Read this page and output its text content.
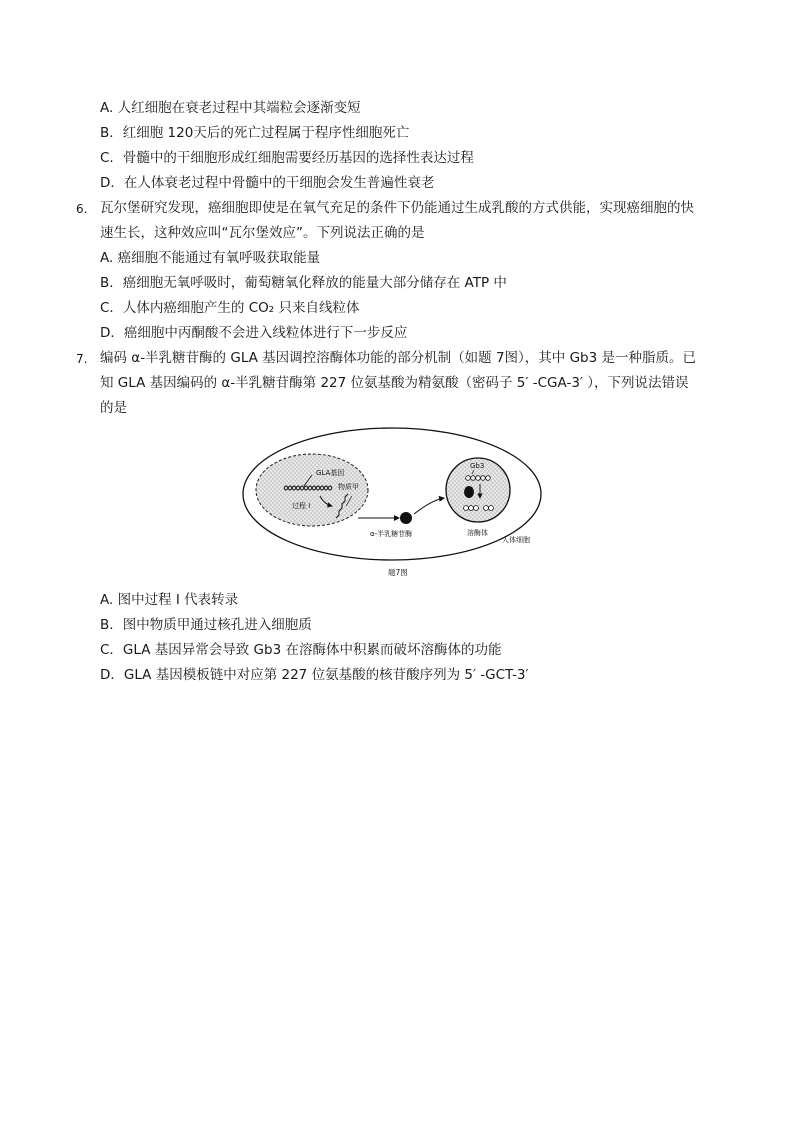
A. 人红细胞在衰老过程中其端粒会逐渐变短
B．红细胞 120天后的死亡过程属于程序性细胞死亡
C．骨髓中的干细胞形成红细胞需要经历基因的选择性表达过程
D．在人体衰老过程中骨髓中的干细胞会发生普遍性衰老
6. 瓦尔堡研究发现，癌细胞即使是在氧气充足的条件下仍能通过生成乳酸的方式供能，实现癌细胞的快
速生长，这种效应叫“瓦尔堡效应”。下列说法正确的是
A. 癌细胞不能通过有氧呼吸获取能量
B．癌细胞无氧呼吸时，葡萄糖氧化释放的能量大部分储存在 ATP 中
C．人体内癌细胞产生的 CO₂ 只来自线粒体
D．癌细胞中丙酮酸不会进入线粒体进行下一步反应
7. 编码 α-半乳糖苷酶的 GLA 基因调控溶酶体功能的部分机制（如题 7图），其中 Gb3 是一种脂质。已
知 GLA 基因编码的 α-半乳糖苷酶第 227 位氨基酸为精氨酸（密码子 5′ -CGA-3′ ），下列说法错误
的是
GLA基因
过程 I
物质甲
α-半乳糖苷酶
Gb3
溶酶体
人体细胞
题7图
A. 图中过程 I 代表转录
B．图中物质甲通过核孔进入细胞质
C．GLA 基因异常会导致 Gb3 在溶酶体中积累而破坏溶酶体的功能
D．GLA 基因模板链中对应第 227 位氨基酸的核苷酸序列为 5′ -GCT-3′
